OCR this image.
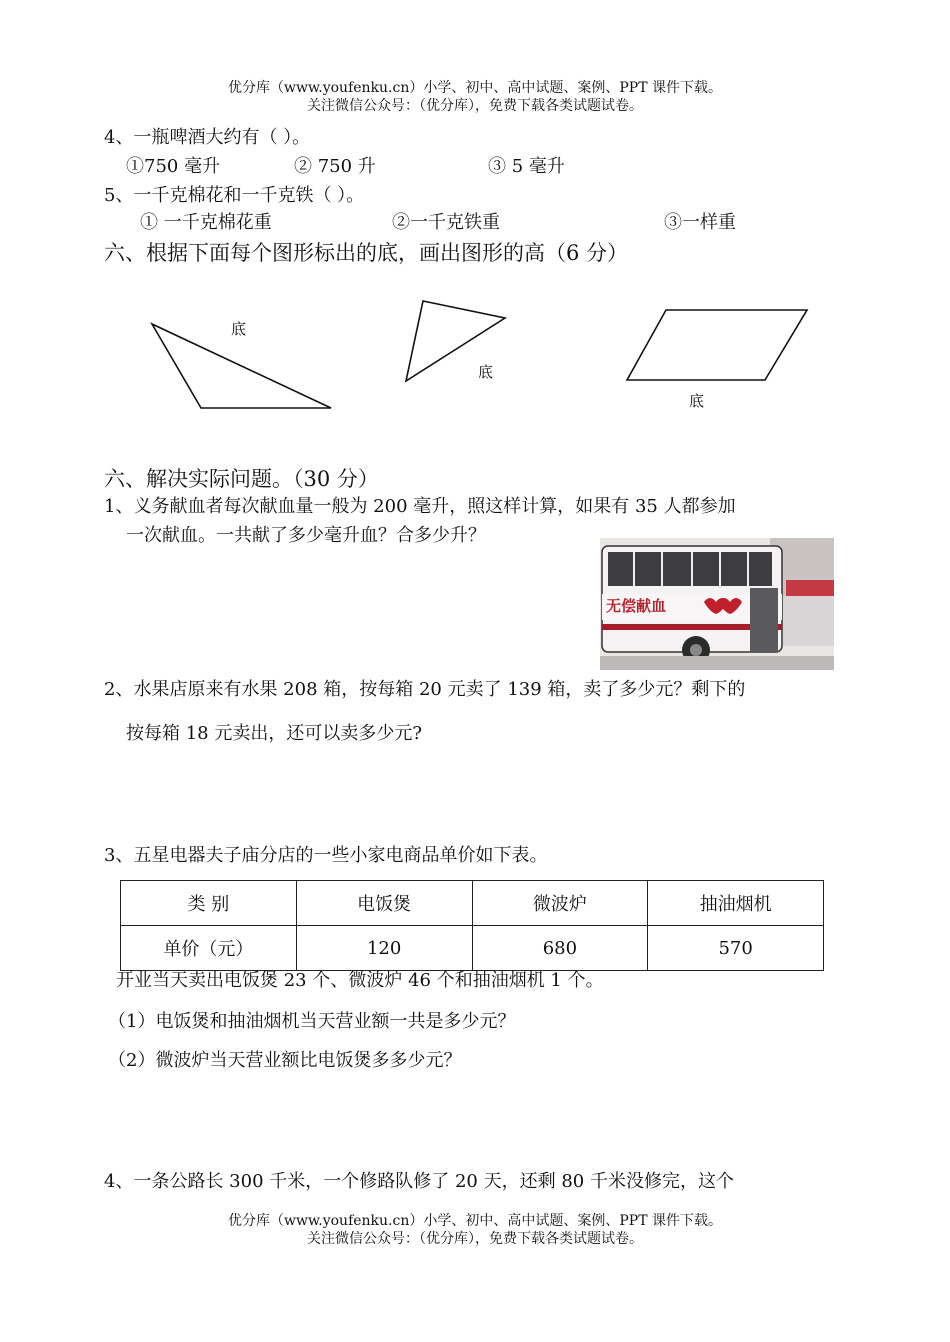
优分库（www.youfenku.cn）小学、初中、高中试题、案例、PPT 课件下载。
关注微信公众号：（优分库），免费下载各类试题试卷。
4、一瓶啤酒大约有（ ）。
①750 毫升	② 750 升	③ 5 毫升
5、一千克棉花和一千克铁（ ）。
① 一千克棉花重	②一千克铁重	③一样重
六、根据下面每个图形标出的底，画出图形的高（6 分）
底
底
底
六、解决实际问题。（30 分）
1、义务献血者每次献血量一般为 200 毫升，照这样计算，如果有 35 人都参加
一次献血。一共献了多少毫升血？合多少升？
无偿献血
2、水果店原来有水果 208 箱，按每箱 20 元卖了 139 箱，卖了多少元？剩下的
按每箱 18 元卖出，还可以卖多少元?
3、五星电器夫子庙分店的一些小家电商品单价如下表。
类 别	电饭煲	微波炉	抽油烟机
单价（元）	120	680	570
开业当天卖出电饭煲 23 个、微波炉 46 个和抽油烟机 1 个。
（1）电饭煲和抽油烟机当天营业额一共是多少元？
（2）微波炉当天营业额比电饭煲多多少元？
4、一条公路长 300 千米，一个修路队修了 20 天，还剩 80 千米没修完，这个
优分库（www.youfenku.cn）小学、初中、高中试题、案例、PPT 课件下载。
关注微信公众号：（优分库），免费下载各类试题试卷。
